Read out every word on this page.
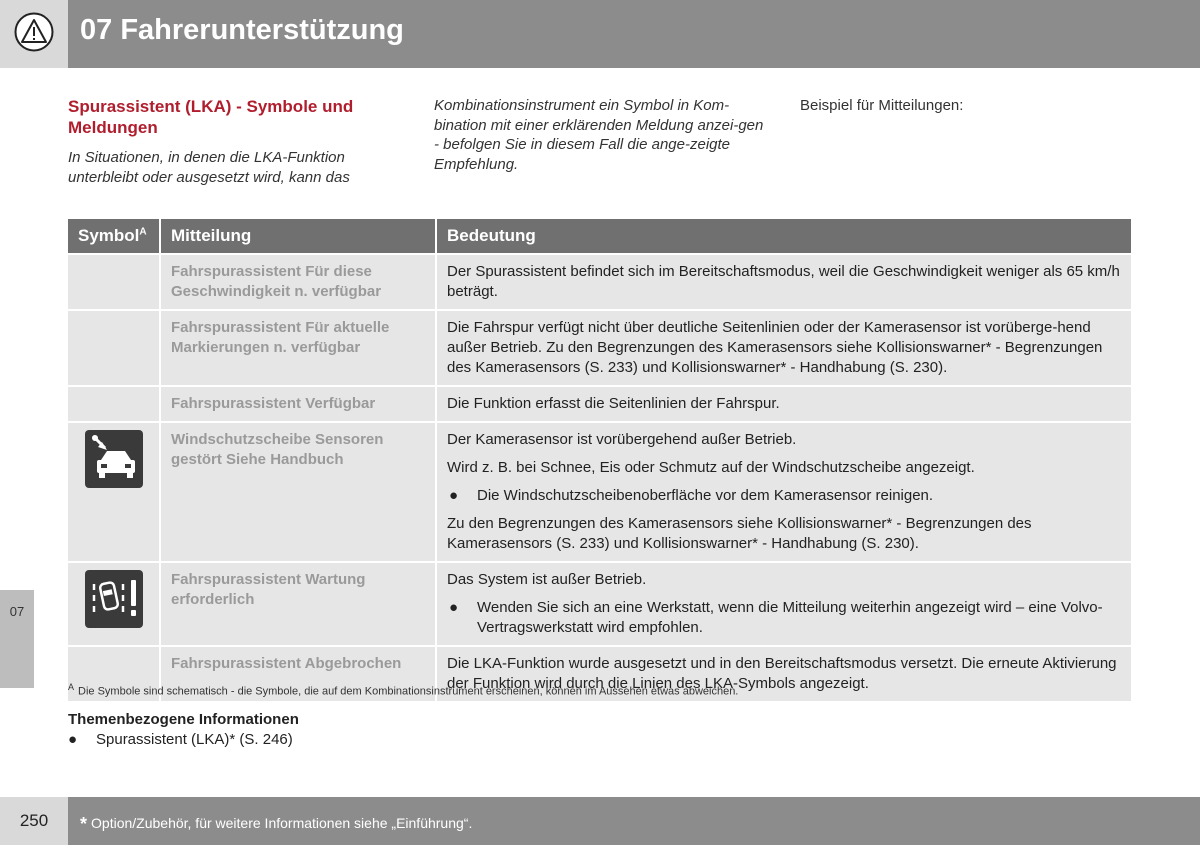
07 Fahrerunterstützung
07
Spurassistent (LKA) - Symbole und Meldungen
In Situationen, in denen die LKA-Funktion unterbleibt oder ausgesetzt wird, kann das
Kombinationsinstrument ein Symbol in Kom-bination mit einer erklärenden Meldung anzei-gen - befolgen Sie in diesem Fall die ange-zeigte Empfehlung.
Beispiel für Mitteilungen:
Symbol$^A$	Mitteilung	Bedeutung
	Fahrspurassistent Für diese Geschwindigkeit n. verfügbar	Der Spurassistent befindet sich im Bereitschaftsmodus, weil die Geschwindigkeit weniger als 65 km/h beträgt.
	Fahrspurassistent Für aktuelle Markierungen n. verfügbar	Die Fahrspur verfügt nicht über deutliche Seitenlinien oder der Kamerasensor ist vorüberge-hend außer Betrieb. Zu den Begrenzungen des Kamerasensors siehe Kollisionswarner* - Begrenzungen des Kamerasensors (S. 233) und Kollisionswarner* - Handhabung (S. 230).
	Fahrspurassistent Verfügbar	Die Funktion erfasst die Seitenlinien der Fahrspur.
	Windschutzscheibe Sensoren gestört Siehe Handbuch	Der Kamerasensor ist vorübergehend außer Betrieb.
Wird z. B. bei Schnee, Eis oder Schmutz auf der Windschutzscheibe angezeigt.
● Die Windschutzscheibenoberfläche vor dem Kamerasensor reinigen.
Zu den Begrenzungen des Kamerasensors siehe Kollisionswarner* - Begrenzungen des Kamerasensors (S. 233) und Kollisionswarner* - Handhabung (S. 230).

	Fahrspurassistent Wartung erforderlich	Das System ist außer Betrieb.
● Wenden Sie sich an eine Werkstatt, wenn die Mitteilung weiterhin angezeigt wird – eine Volvo-Vertragswerkstatt wird empfohlen.

	Fahrspurassistent Abgebrochen	Die LKA-Funktion wurde ausgesetzt und in den Bereitschaftsmodus versetzt. Die erneute Aktivierung der Funktion wird durch die Linien des LKA-Symbols angezeigt.
$^A$ Die Symbole sind schematisch - die Symbole, die auf dem Kombinationsinstrument erscheinen, können im Aussehen etwas abweichen.
Themenbezogene Informationen
● Spurassistent (LKA)* (S. 246)
250	* Option/Zubehör, für weitere Informationen siehe „Einführung“.
